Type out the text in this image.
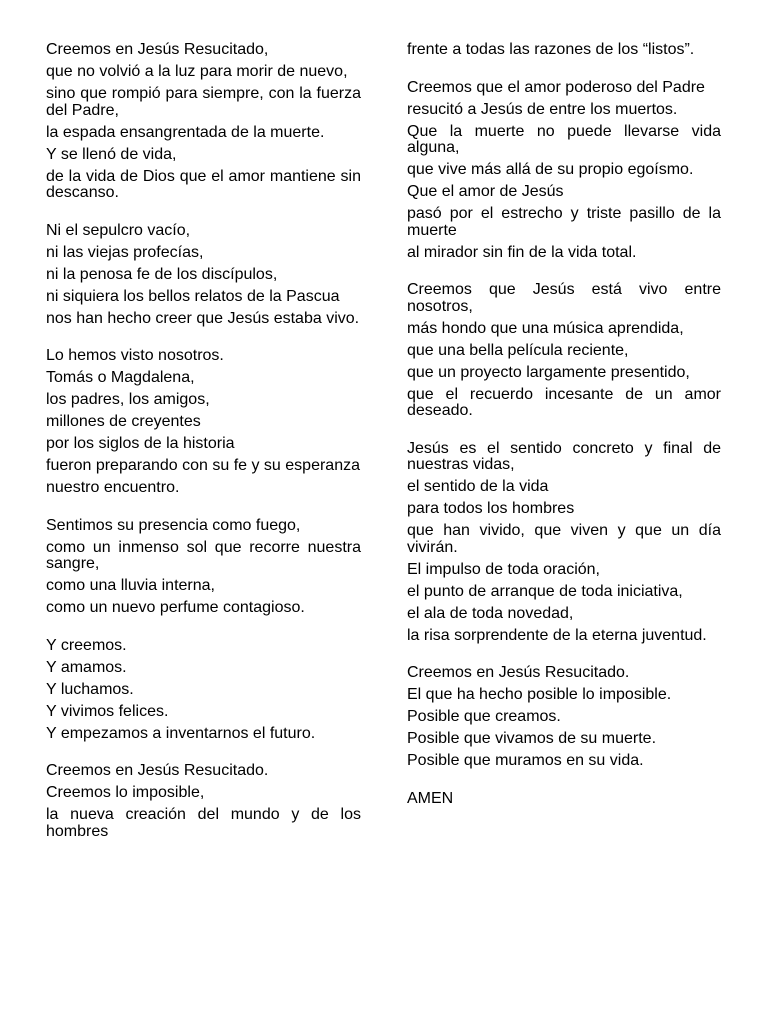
Creemos en Jesús Resucitado,
que no volvió a la luz para morir de nuevo,
sino que rompió para siempre, con la fuerza del Padre,
la espada ensangrentada de la muerte.
Y se llenó de vida,
de la vida de Dios que el amor mantiene sin descanso.
Ni el sepulcro vacío,
ni las viejas profecías,
ni la penosa fe de los discípulos,
ni siquiera los bellos relatos de la Pascua
nos han hecho creer que Jesús estaba vivo.
Lo hemos visto nosotros.
Tomás o Magdalena,
los padres, los amigos,
millones de creyentes
por los siglos de la historia
fueron preparando con su fe y su esperanza
nuestro encuentro.
Sentimos su presencia como fuego,
como un inmenso sol que recorre nuestra sangre,
como una lluvia interna,
como un nuevo perfume contagioso.
Y creemos.
Y amamos.
Y luchamos.
Y vivimos felices.
Y empezamos a inventarnos el futuro.
Creemos en Jesús Resucitado.
Creemos lo imposible,
la nueva creación del mundo y de los hombres
frente a todas las razones de los “listos”.
Creemos que el amor poderoso del Padre
resucitó a Jesús de entre los muertos.
Que la muerte no puede llevarse vida alguna,
que vive más allá de su propio egoísmo.
Que el amor de Jesús
pasó por el estrecho y triste pasillo de la muerte
al mirador sin fin de la vida total.
Creemos que Jesús está vivo entre nosotros,
más hondo que una música aprendida,
que una bella película reciente,
que un proyecto largamente presentido,
que el recuerdo incesante de un amor deseado.
Jesús es el sentido concreto y final de nuestras vidas,
el sentido de la vida
para todos los hombres
que han vivido, que viven y que un día vivirán.
El impulso de toda oración,
el punto de arranque de toda iniciativa,
el ala de toda novedad,
la risa sorprendente de la eterna juventud.
Creemos en Jesús Resucitado.
El que ha hecho posible lo imposible.
Posible que creamos.
Posible que vivamos de su muerte.
Posible que muramos en su vida.
AMEN
